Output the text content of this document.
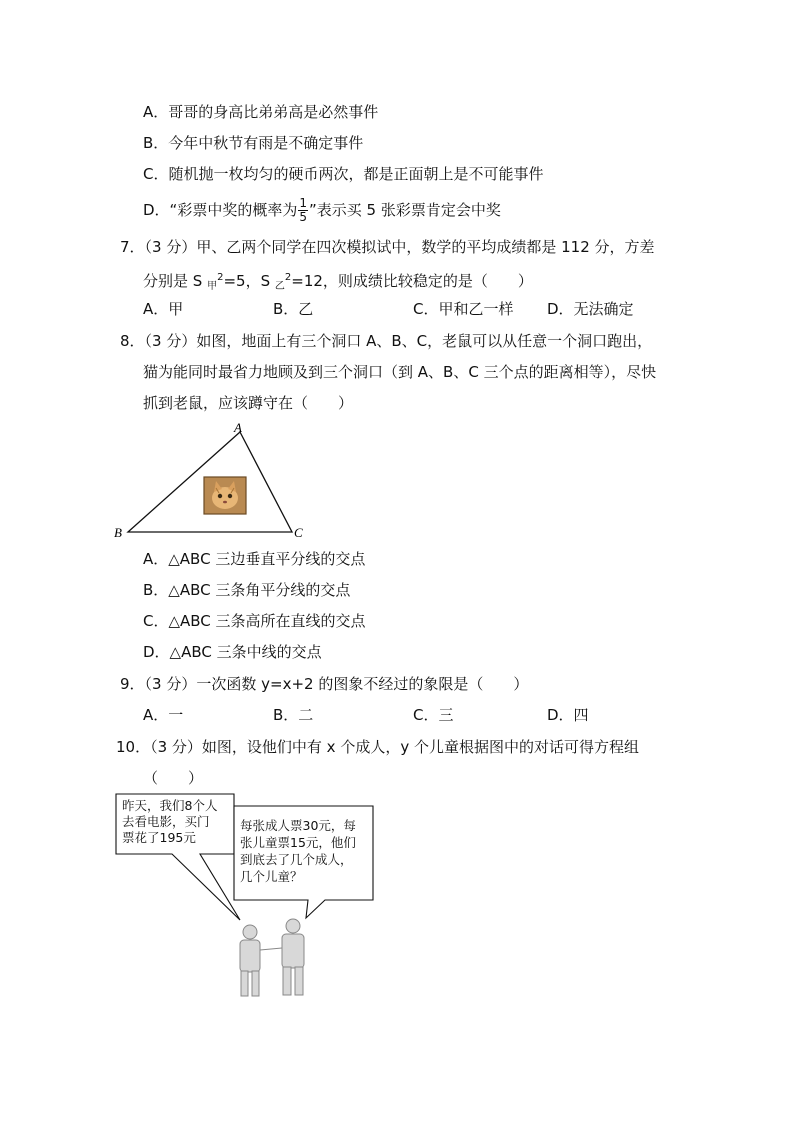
A．哥哥的身高比弟弟高是必然事件
B．今年中秋节有雨是不确定事件
C．随机抛一枚均匀的硬币两次，都是正面朝上是不可能事件
D．“彩票中奖的概率为 $\frac{1}{5}$ ”表示买 5 张彩票肯定会中奖
7．（3 分）甲、乙两个同学在四次模拟试中，数学的平均成绩都是 112 分，方差
分别是 S $_甲^2$=5，S $_乙^2$=12，则成绩比较稳定的是（　　）
A．甲	B．乙	C．甲和乙一样 D．无法确定
8．（3 分）如图，地面上有三个洞口 A、B、C，老鼠可以从任意一个洞口跑出，
猫为能同时最省力地顾及到三个洞口（到 A、B、C 三个点的距离相等），尽快
抓到老鼠，应该蹲守在（　　）
A
B	C
A．△ABC 三边垂直平分线的交点
B．△ABC 三条角平分线的交点
C．△ABC 三条高所在直线的交点
D．△ABC 三条中线的交点
9．（3 分）一次函数 y=x+2 的图象不经过的象限是（　　）
A．一	B．二	C．三	D．四
10．（3 分）如图，设他们中有 x 个成人，y 个儿童根据图中的对话可得方程组
（　　）
昨天，我们8个人
去看电影，买门
票花了195元
每张成人票30元，每
张儿童票15元，他们
到底去了几个成人，
几个儿童？
